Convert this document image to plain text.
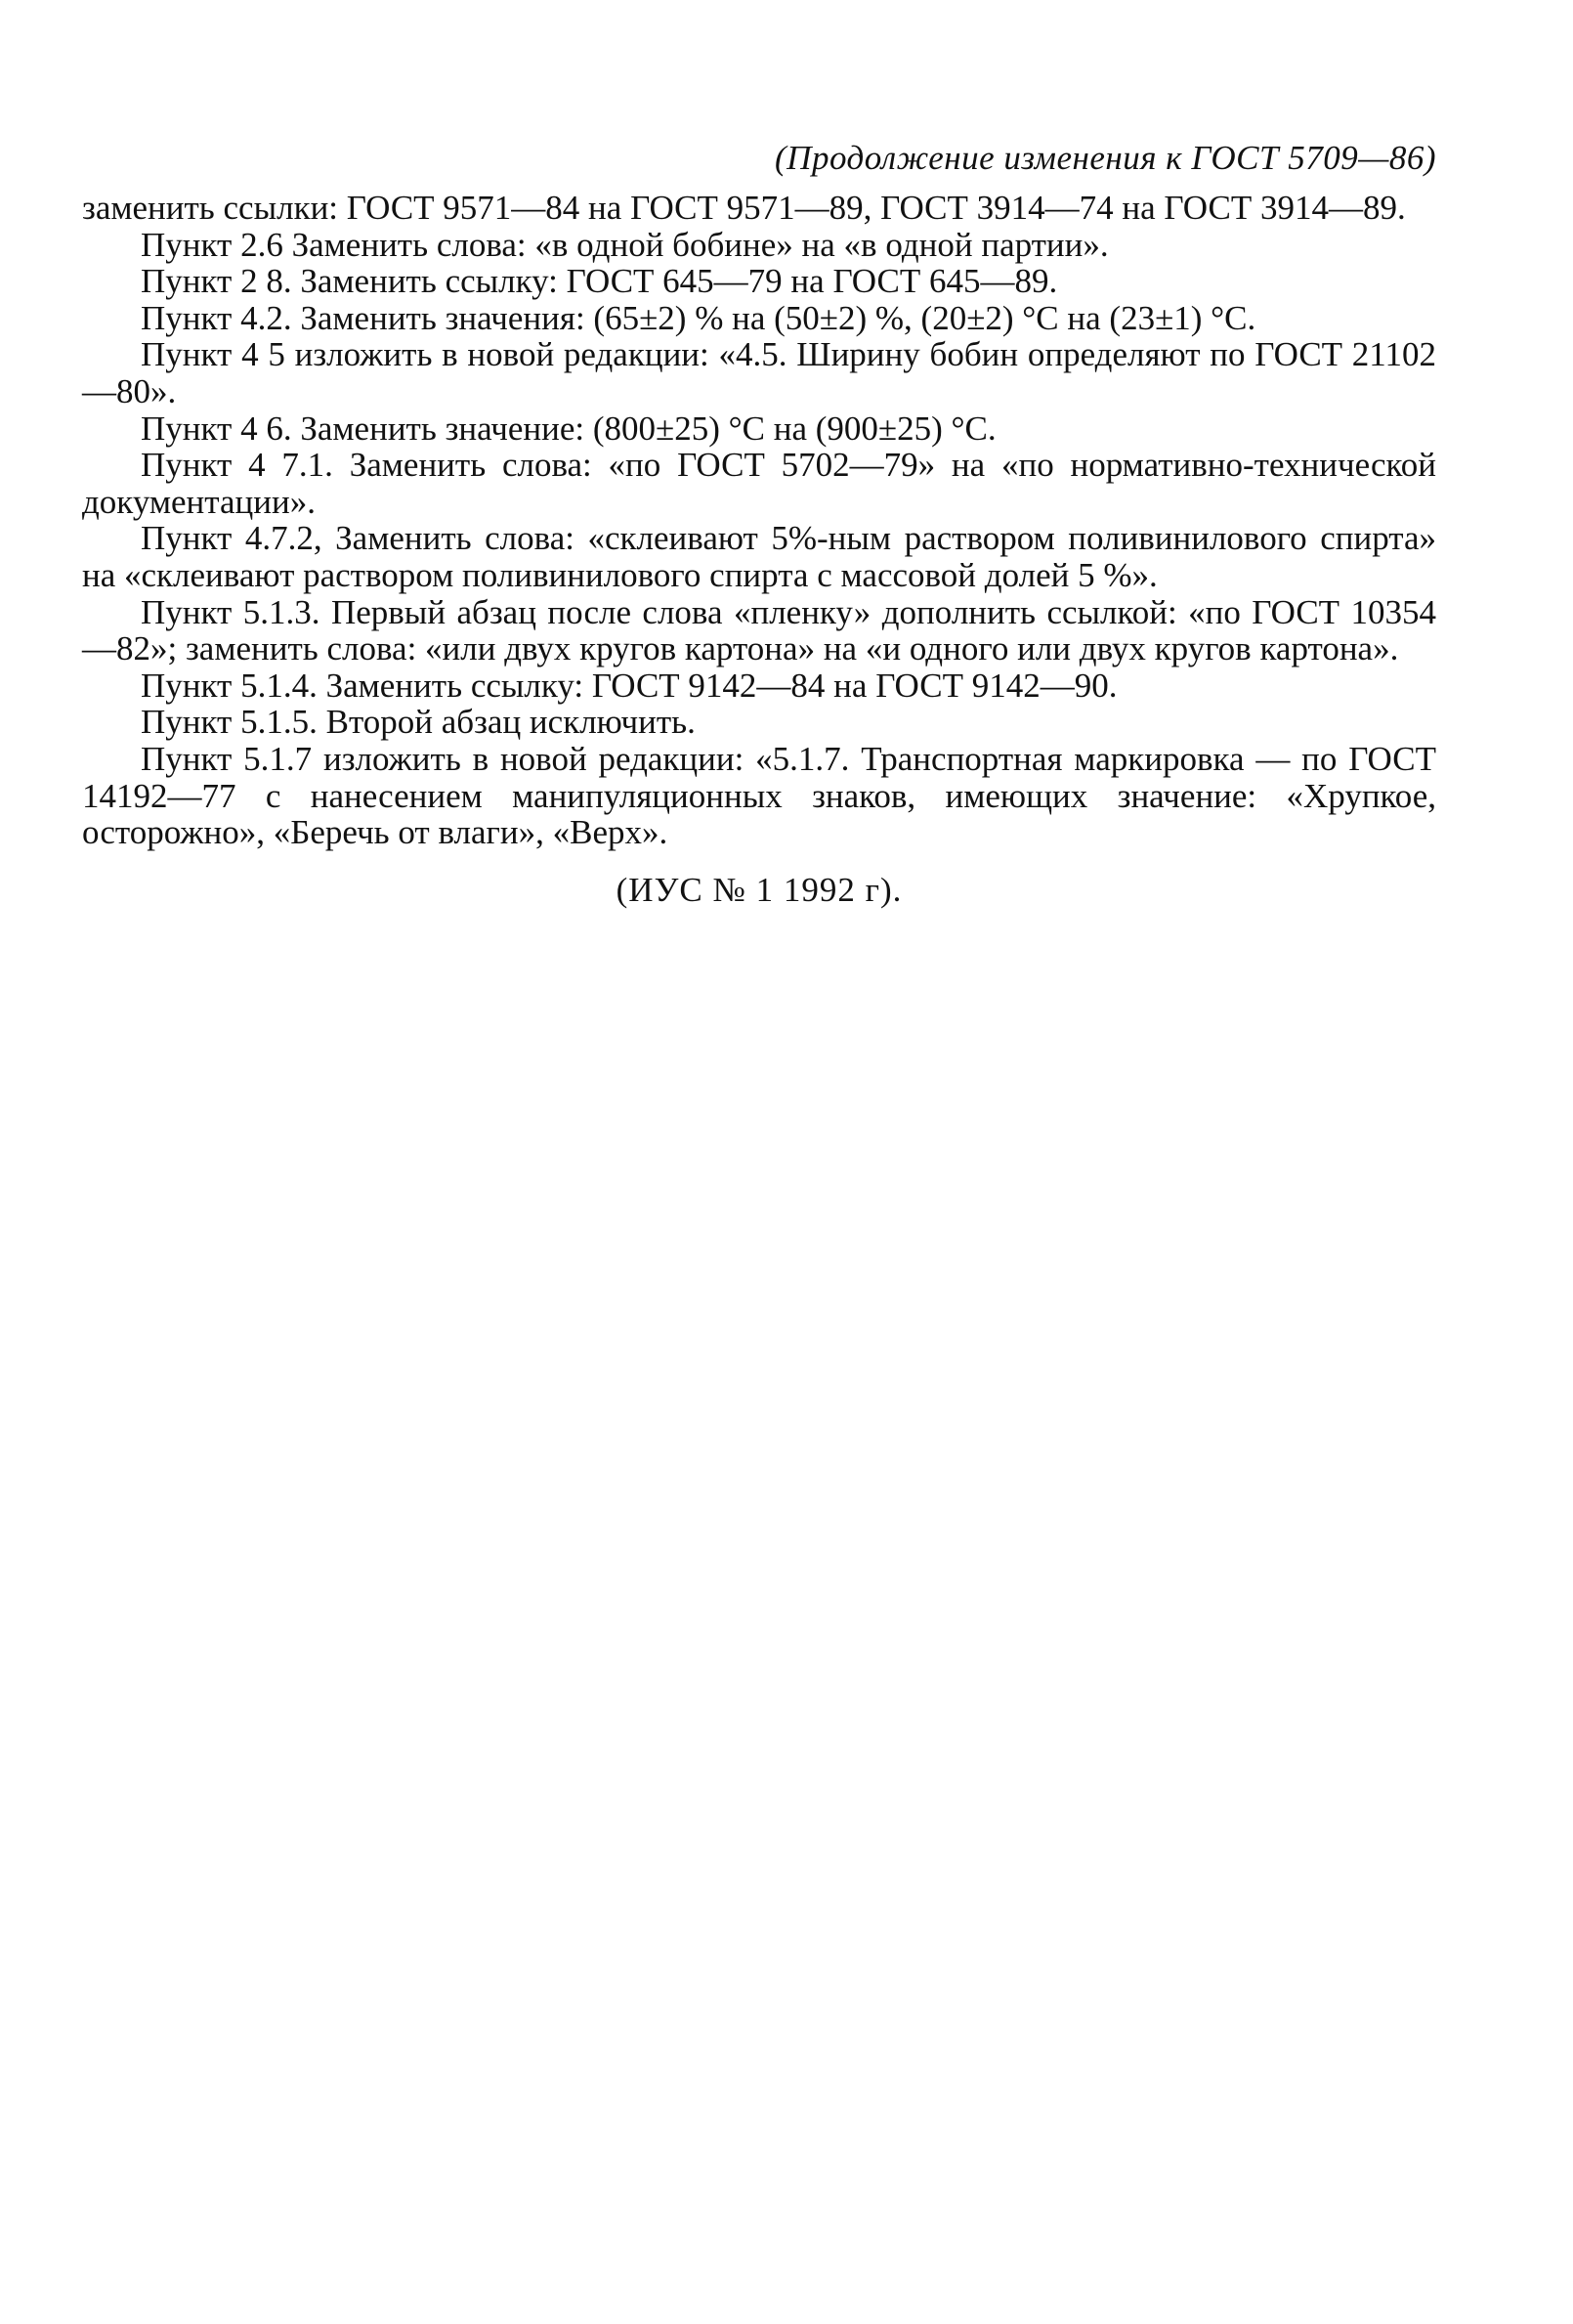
(Продолжение изменения к ГОСТ 5709—86)

заменить ссылки: ГОСТ 9571—84 на ГОСТ 9571—89, ГОСТ 3914—74 на ГОСТ 3914—89.

Пункт 2.6 Заменить слова: «в одной бобине» на «в одной партии».

Пункт 2 8. Заменить ссылку: ГОСТ 645—79 на ГОСТ 645—89.

Пункт 4.2. Заменить значения: (65±2) % на (50±2) %, (20±2) °С на (23±1) °С.

Пункт 4 5 изложить в новой редакции: «4.5. Ширину бобин определяют по ГОСТ 21102—80».

Пункт 4 6. Заменить значение: (800±25) °С на (900±25) °С.

Пункт 4 7.1. Заменить слова: «по ГОСТ 5702—79» на «по нормативно-технической документации».

Пункт 4.7.2, Заменить слова: «склеивают 5%-ным раствором поливинилового спирта» на «склеивают раствором поливинилового спирта с массовой долей 5 %».

Пункт 5.1.3. Первый абзац после слова «пленку» дополнить ссылкой: «по ГОСТ 10354—82»; заменить слова: «или двух кругов картона» на «и одного или двух кругов картона».

Пункт 5.1.4. Заменить ссылку: ГОСТ 9142—84 на ГОСТ 9142—90.

Пункт 5.1.5. Второй абзац исключить.

Пункт 5.1.7 изложить в новой редакции: «5.1.7. Транспортная маркировка — по ГОСТ 14192—77 с нанесением манипуляционных знаков, имеющих значение: «Хрупкое, осторожно», «Беречь от влаги», «Верх».

(ИУС № 1 1992 г).
